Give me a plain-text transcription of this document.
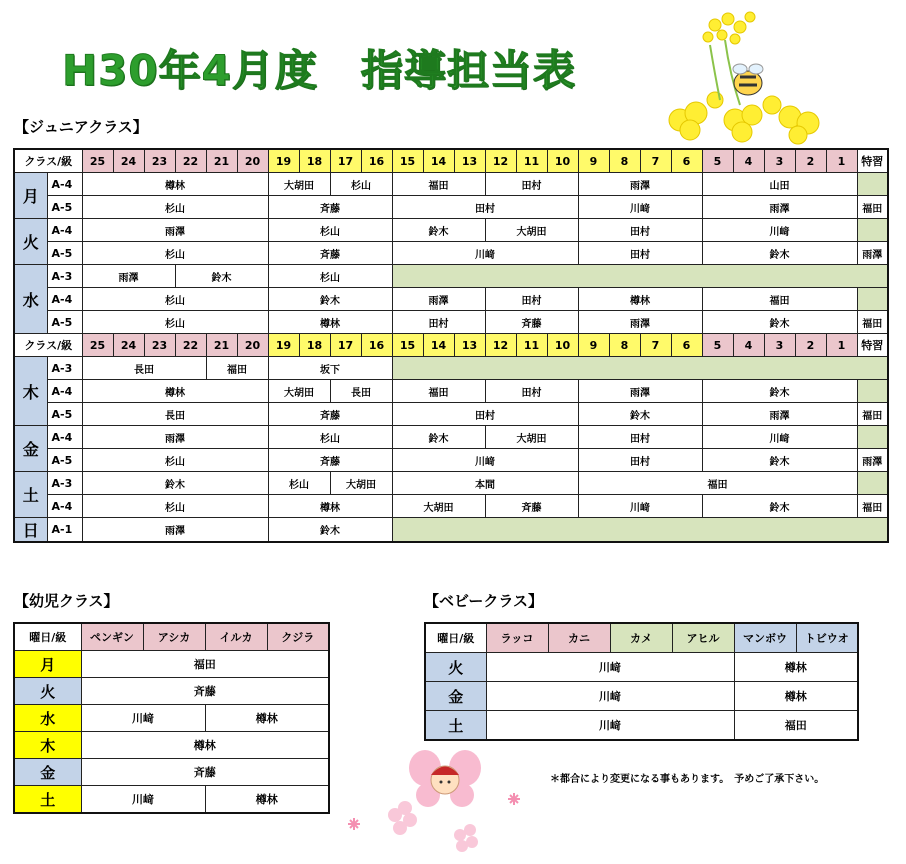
H30年4月度　指導担当表
【ジュニアクラス】
クラス/級		25	24	23	22	21	20	19	18	17	16	15	14	13	12	11	10	9	8	7	6	5	4	3	2	1	特習
月	A-4	樽林						大胡田		杉山		福田			田村			雨澤				山田					
	A-5	杉山						斉藤				田村						川﨑				雨澤					福田
火	A-4	雨澤						杉山				鈴木			大胡田			田村				川﨑					
	A-5	杉山						斉藤				川﨑						田村				鈴木					雨澤
水	A-3	雨澤			鈴木			杉山																			
	A-4	杉山						鈴木				雨澤			田村			樽林				福田					
	A-5	杉山						樽林				田村			斉藤			雨澤				鈴木					福田
クラス/級		25	24	23	22	21	20	19	18	17	16	15	14	13	12	11	10	9	8	7	6	5	4	3	2	1	特習
木	A-3	長田				福田		坂下																			
	A-4	樽林						大胡田		長田		福田			田村			雨澤				鈴木					
	A-5	長田						斉藤				田村						鈴木				雨澤					福田
金	A-4	雨澤						杉山				鈴木			大胡田			田村				川﨑					
	A-5	杉山						斉藤				川﨑						田村				鈴木					雨澤
土	A-3	鈴木						杉山		大胡田		本間						福田									
	A-4	杉山						樽林				大胡田			斉藤			川﨑				鈴木					福田
日	A-1	雨澤						鈴木																			
【幼児クラス】
曜日/級	ペンギン	アシカ	イルカ	クジラ
月	福田			
火	斉藤			
水	川﨑		樽林	
木	樽林			
金	斉藤			
土	川﨑		樽林	
【ベビークラス】
曜日/級	ラッコ	カニ	カメ	アヒル	マンボウ	トビウオ
火	川﨑				樽林	
金	川﨑				樽林	
土	川﨑				福田	
＊都合により変更になる事もあります。　予めご了承下さい。
